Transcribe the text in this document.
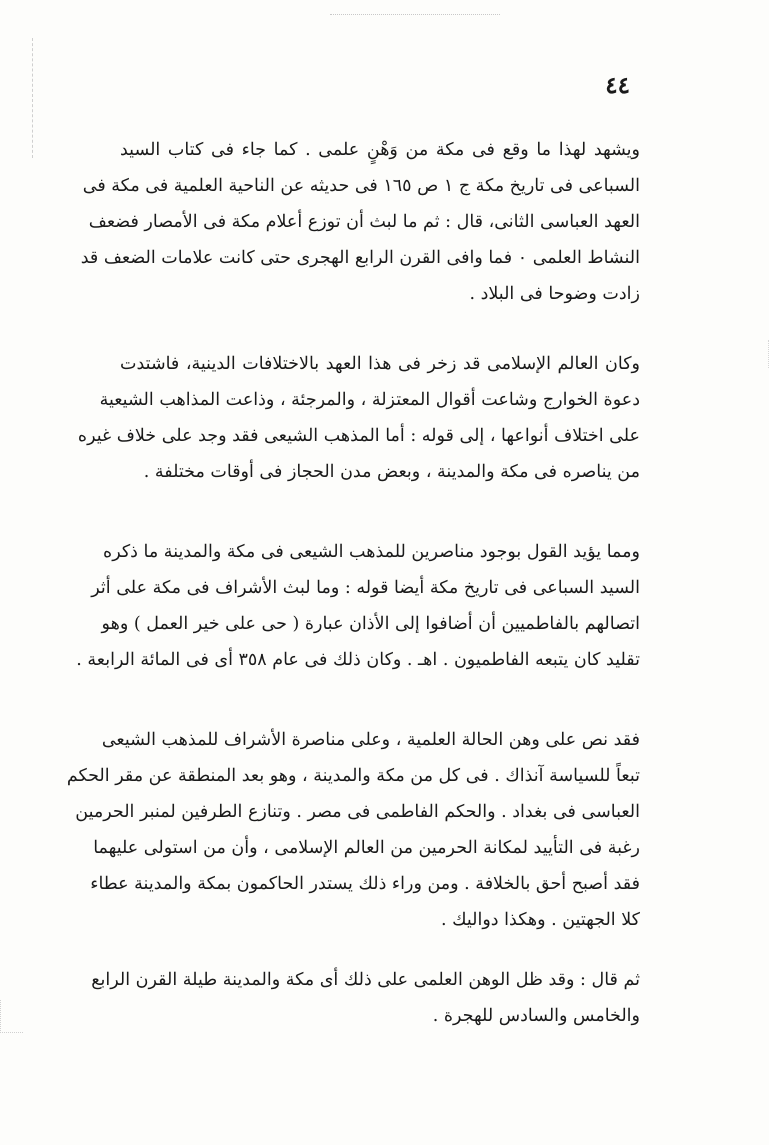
٤٤
ويشهد لهذا ما وقع فى مكة من وَهْنٍ علمى . كما جاء فى كتاب السيد
السباعى فى تاريخ مكة ج ١ ص ١٦٥ فى حديثه عن الناحية العلمية فى مكة فى
العهد العباسى الثانى، قال : ثم ما لبث أن توزع أعلام مكة فى الأمصار فضعف
النشاط العلمى ٠ فما وافى القرن الرابع الهجرى حتى كانت علامات الضعف قد
زادت وضوحا فى البلاد .
وكان العالم الإسلامى قد زخر فى هذا العهد بالاختلافات الدينية، فاشتدت
دعوة الخوارج وشاعت أقوال المعتزلة ، والمرجئة ، وذاعت المذاهب الشيعية
على اختلاف أنواعها ، إلى قوله : أما المذهب الشيعى فقد وجد على خلاف غيره
من يناصره فى مكة والمدينة ، وبعض مدن الحجاز فى أوقات مختلفة .
ومما يؤيد القول بوجود مناصرين للمذهب الشيعى فى مكة والمدينة ما ذكره
السيد السباعى فى تاريخ مكة أيضا قوله : وما لبث الأشراف فى مكة على أثر
اتصالهم بالفاطميين أن أضافوا إلى الأذان عبارة ( حى على خير العمل ) وهو
تقليد كان يتبعه الفاطميون . اهـ . وكان ذلك فى عام ٣٥٨ أى فى المائة الرابعة .
فقد نص على وهن الحالة العلمية ، وعلى مناصرة الأشراف للمذهب الشيعى
تبعاً للسياسة آنذاك . فى كل من مكة والمدينة ، وهو بعد المنطقة عن مقر الحكم
العباسى فى بغداد . والحكم الفاطمى فى مصر . وتنازع الطرفين لمنبر الحرمين
رغبة فى التأييد لمكانة الحرمين من العالم الإسلامى ، وأن من استولى عليهما
فقد أصبح أحق بالخلافة . ومن وراء ذلك يستدر الحاكمون بمكة والمدينة عطاء
كلا الجهتين . وهكذا دواليك .
ثم قال : وقد ظل الوهن العلمى على ذلك أى مكة والمدينة طيلة القرن الرابع
والخامس والسادس للهجرة .
